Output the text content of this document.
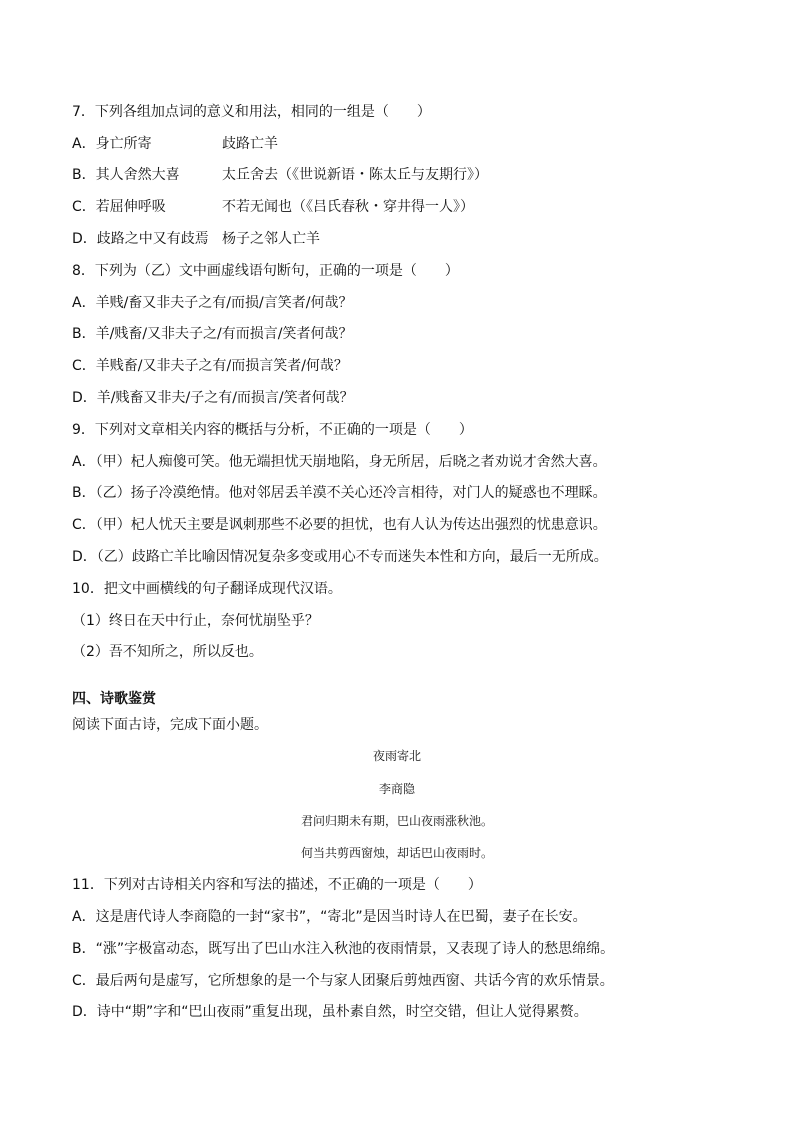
7．下列各组加点词的意义和用法，相同的一组是（　　）
A．身亡所寄	歧路亡羊
B．其人舍然大喜	太丘舍去（《世说新语・陈太丘与友期行》）
C．若屈伸呼吸	不若无闻也（《吕氏春秋・穿井得一人》）
D．歧路之中又有歧焉 杨子之邻人亡羊
8．下列为（乙）文中画虚线语句断句，正确的一项是（　　）
A．羊贱/畜又非夫子之有/而损/言笑者/何哉？
B．羊/贱畜/又非夫子之/有而损言/笑者何哉？
C．羊贱畜/又非夫子之有/而损言笑者/何哉？
D．羊/贱畜又非夫/子之有/而损言/笑者何哉？
9．下列对文章相关内容的概括与分析，不正确的一项是（　　）
A．（甲）杞人痴傻可笑。他无端担忧天崩地陷，身无所居，后晓之者劝说才舍然大喜。
B．（乙）扬子冷漠绝情。他对邻居丢羊漠不关心还冷言相待，对门人的疑惑也不理睬。
C．（甲）杞人忧天主要是讽刺那些不必要的担忧，也有人认为传达出强烈的忧患意识。
D．（乙）歧路亡羊比喻因情况复杂多变或用心不专而迷失本性和方向，最后一无所成。
10．把文中画横线的句子翻译成现代汉语。
（1）终日在天中行止，奈何忧崩坠乎？
（2）吾不知所之，所以反也。
四、诗歌鉴赏
阅读下面古诗，完成下面小题。
夜雨寄北
李商隐
君问归期未有期，巴山夜雨涨秋池。
何当共剪西窗烛，却话巴山夜雨时。
11．下列对古诗相关内容和写法的描述，不正确的一项是（　　）
A．这是唐代诗人李商隐的一封“家书”，“寄北”是因当时诗人在巴蜀，妻子在长安。
B．“涨”字极富动态，既写出了巴山水注入秋池的夜雨情景，又表现了诗人的愁思绵绵。
C．最后两句是虚写，它所想象的是一个与家人团聚后剪烛西窗、共话今宵的欢乐情景。
D．诗中“期”字和“巴山夜雨”重复出现，虽朴素自然，时空交错，但让人觉得累赘。
